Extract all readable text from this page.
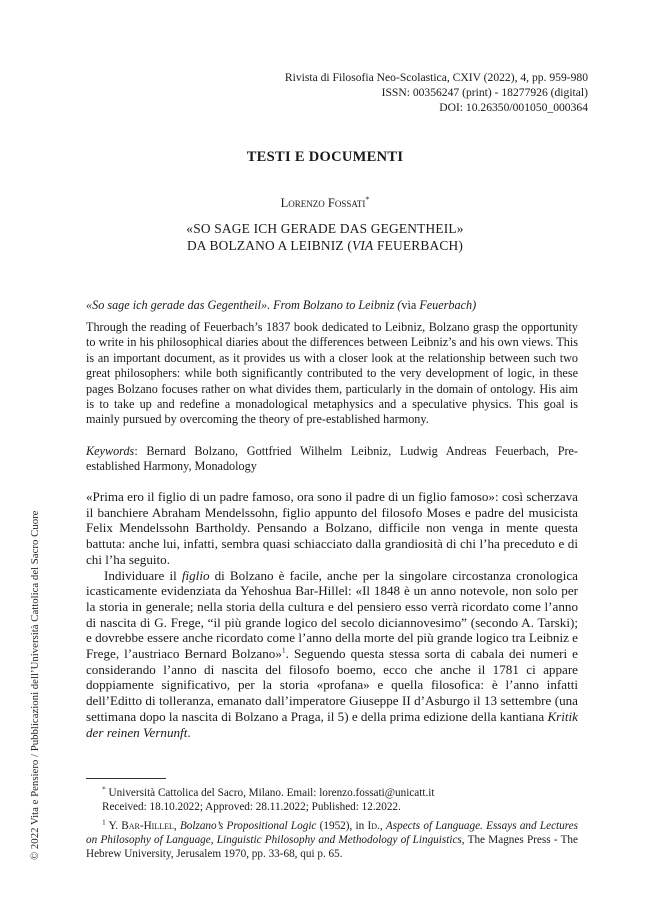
Rivista di Filosofia Neo-Scolastica, CXIV (2022), 4, pp. 959-980
ISSN: 00356247 (print) - 18277926 (digital)
DOI: 10.26350/001050_000364
TESTI E DOCUMENTI
Lorenzo Fossati*
«SO SAGE ICH GERADE DAS GEGENTHEIL»
DA BOLZANO A LEIBNIZ (VIA FEUERBACH)
«So sage ich gerade das Gegentheil». From Bolzano to Leibniz (via Feuerbach)

Through the reading of Feuerbach’s 1837 book dedicated to Leibniz, Bolzano grasp the opportunity to write in his philosophical diaries about the differences between Leibniz’s and his own views. This is an important document, as it provides us with a closer look at the relationship between such two great philosophers: while both significantly contributed to the very development of logic, in these pages Bolzano focuses rather on what divides them, particularly in the domain of ontology. His aim is to take up and redefine a monadological metaphysics and a speculative physics. This goal is mainly pursued by overcoming the theory of pre-established harmony.

Keywords: Bernard Bolzano, Gottfried Wilhelm Leibniz, Ludwig Andreas Feuerbach, Pre-established Harmony, Monadology

«Prima ero il figlio di un padre famoso, ora sono il padre di un figlio famoso»: così scherzava il banchiere Abraham Mendelssohn, figlio appunto del filosofo Moses e padre del musicista Felix Mendelssohn Bartholdy. Pensando a Bolzano, difficile non venga in mente questa battuta: anche lui, infatti, sembra quasi schiacciato dalla grandiosità di chi l’ha preceduto e di chi l’ha seguito.

Individuare il figlio di Bolzano è facile, anche per la singolare circostanza cronologica icasticamente evidenziata da Yehoshua Bar-Hillel: «Il 1848 è un anno notevole, non solo per la storia in generale; nella storia della cultura e del pensiero esso verrà ricordato come l’anno di nascita di G. Frege, “il più grande logico del secolo diciannovesimo” (secondo A. Tarski); e dovrebbe essere anche ricordato come l’anno della morte del più grande logico tra Leibniz e Frege, l’austriaco Bernard Bolzano»$^1$. Seguendo questa stessa sorta di cabala dei numeri e considerando l’anno di nascita del filosofo boemo, ecco che anche il 1781 ci appare doppiamente significativo, per la storia «profana» e quella filosofica: è l’anno infatti dell’Editto di tolleranza, emanato dall’imperatore Giuseppe II d’Asburgo il 13 settembre (una settimana dopo la nascita di Bolzano a Praga, il 5) e della prima edizione della kantiana Kritik der reinen Vernunft.

* Università Cattolica del Sacro, Milano. Email: lorenzo.fossati@unicatt.it
Received: 18.10.2022; Approved: 28.11.2022; Published: 12.2022.

$^1$ Y. Bar-Hillel, Bolzano’s Propositional Logic (1952), in Id., Aspects of Language. Essays and Lectures on Philosophy of Language, Linguistic Philosophy and Methodology of Linguistics, The Magnes Press - The Hebrew University, Jerusalem 1970, pp. 33-68, qui p. 65.

© 2022 Vita e Pensiero / Pubblicazioni dell’Università Cattolica del Sacro Cuore
